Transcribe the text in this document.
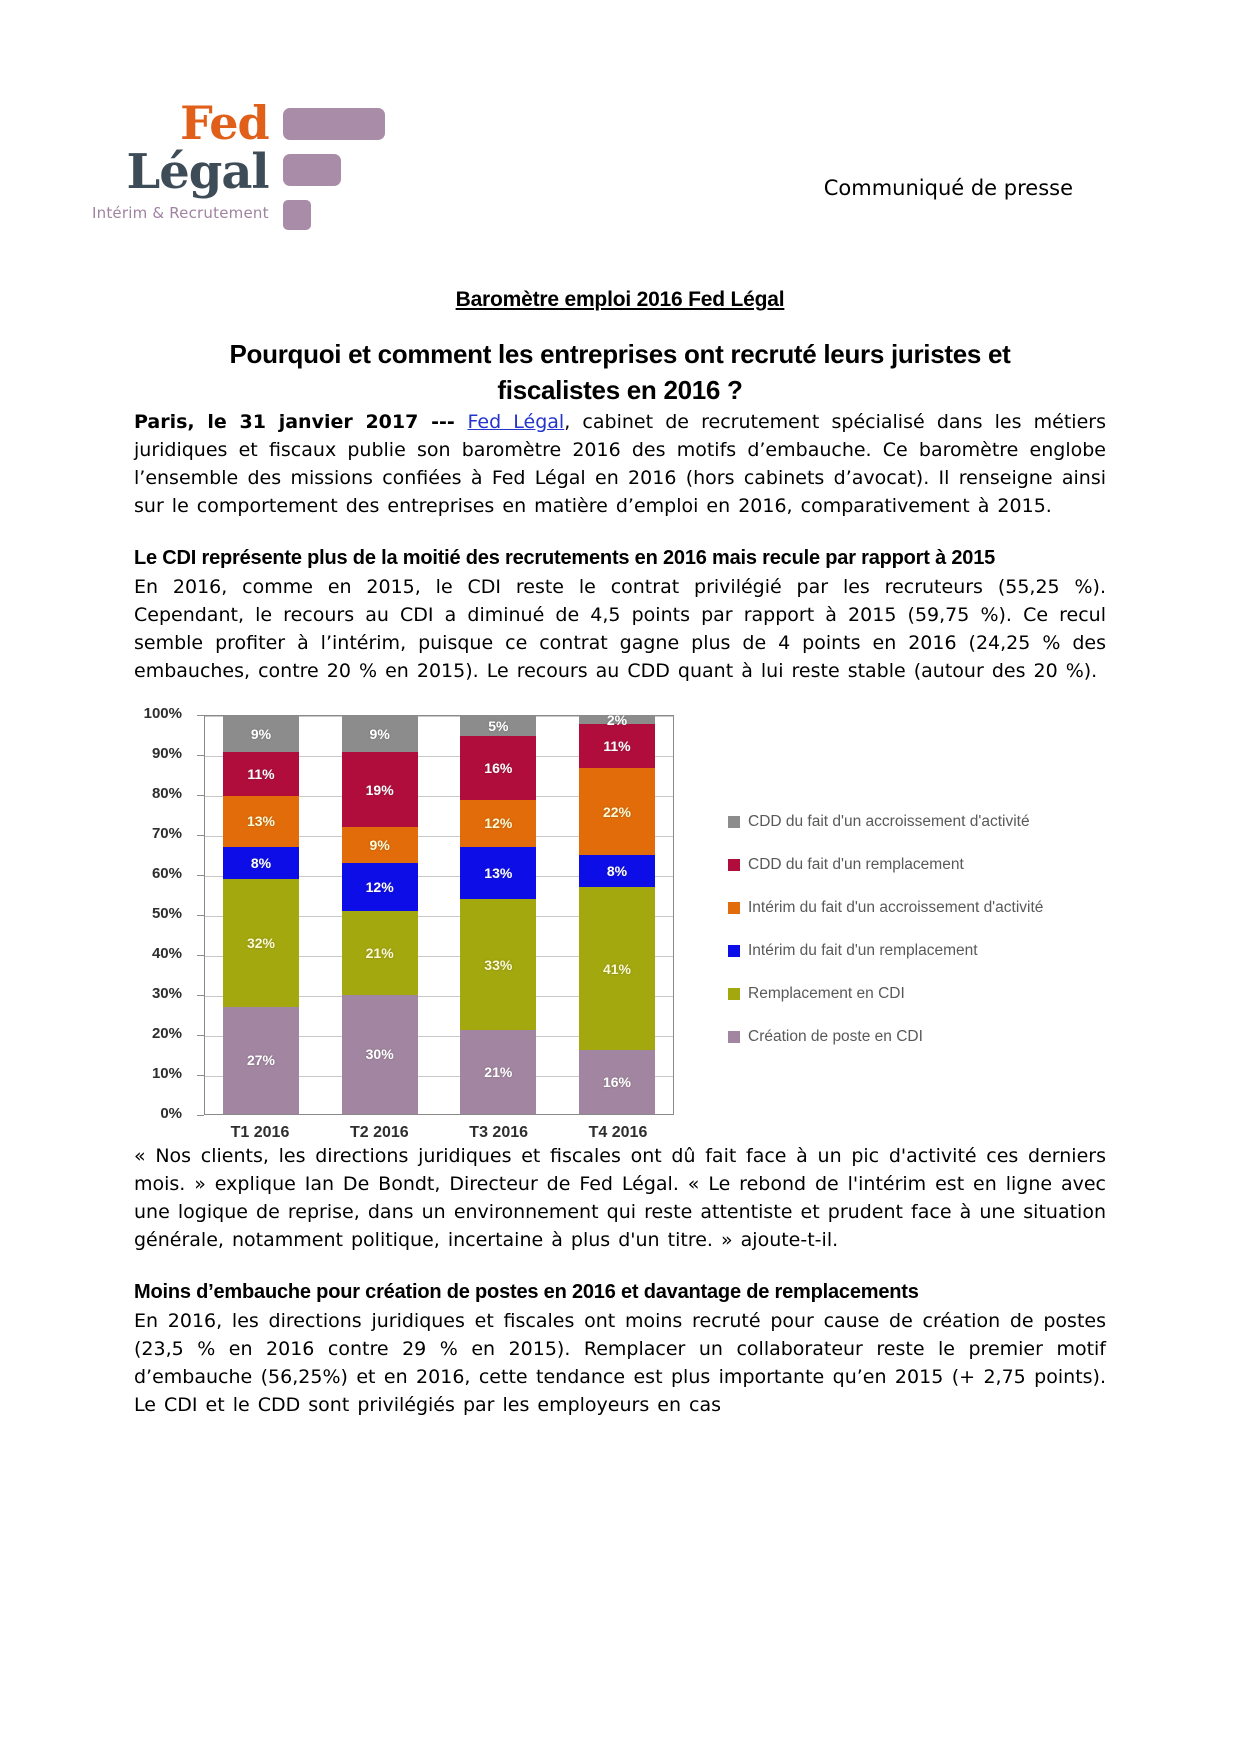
Fed
Légal
Intérim & Recrutement
Communiqué de presse
Baromètre emploi 2016 Fed Légal
Pourquoi et comment les entreprises ont recruté leurs juristes et fiscalistes en 2016 ?

Paris, le 31 janvier 2017 --- Fed Légal, cabinet de recrutement spécialisé dans les métiers juridiques et fiscaux publie son baromètre 2016 des motifs d’embauche. Ce baromètre englobe l’ensemble des missions confiées à Fed Légal en 2016 (hors cabinets d’avocat). Il renseigne ainsi sur le comportement des entreprises en matière d’emploi en 2016, comparativement à 2015.

Le CDI représente plus de la moitié des recrutements en 2016 mais recule par rapport à 2015

En 2016, comme en 2015, le CDI reste le contrat privilégié par les recruteurs (55,25 %). Cependant, le recours au CDI a diminué de 4,5 points par rapport à 2015 (59,75 %). Ce recul semble profiter à l’intérim, puisque ce contrat gagne plus de 4 points en 2016 (24,25 % des embauches, contre 20 % en 2015). Le recours au CDD quant à lui reste stable (autour des 20 %).

100%
90%
80%
70%
60%
50%
40%
30%
20%
10%
0%
27%
32%
8%
13%
11%
9%
30%
21%
12%
9%
19%
9%
21%
33%
13%
12%
16%
5%
16%
41%
8%
22%
11%
2%
T1 2016	T2 2016	T3 2016	T4 2016
CDD du fait d'un accroissement d'activité
CDD du fait d'un remplacement
Intérim du fait d'un accroissement d'activité
Intérim du fait d'un remplacement
Remplacement en CDI
Création de poste en CDI

« Nos clients, les directions juridiques et fiscales ont dû fait face à un pic d'activité ces derniers mois. » explique Ian De Bondt, Directeur de Fed Légal. « Le rebond de l'intérim est en ligne avec une logique de reprise, dans un environnement qui reste attentiste et prudent face à une situation générale, notamment politique, incertaine à plus d'un titre. » ajoute-t-il.

Moins d’embauche pour création de postes en 2016 et davantage de remplacements

En 2016, les directions juridiques et fiscales ont moins recruté pour cause de création de postes (23,5 % en 2016 contre 29 % en 2015). Remplacer un collaborateur reste le premier motif d’embauche (56,25%) et en 2016, cette tendance est plus importante qu’en 2015 (+ 2,75 points). Le CDI et le CDD sont privilégiés par les employeurs en cas
